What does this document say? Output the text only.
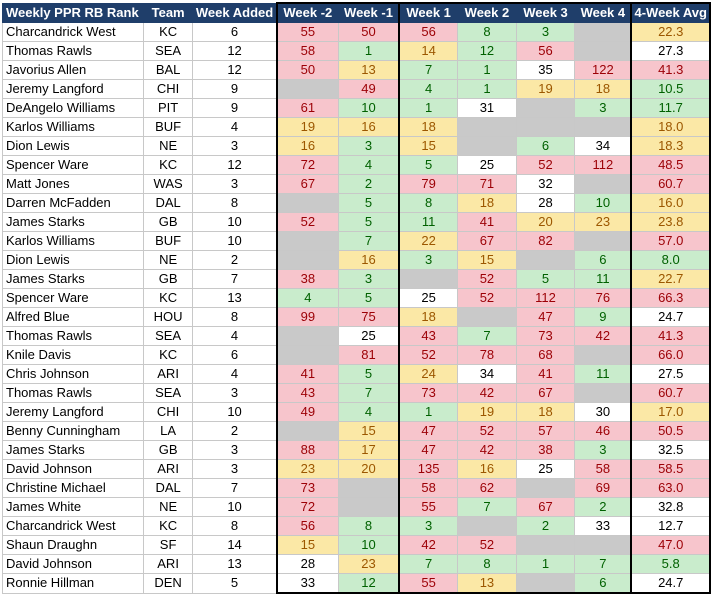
Weekly PPR RB Rank	Team	Week Added	Week -2	Week -1	Week 1	Week 2	Week 3	Week 4	4-Week Avg
Charcandrick West	KC	6	55	50	56	8	3		22.3
Thomas Rawls	SEA	12	58	1	14	12	56		27.3
Javorius Allen	BAL	12	50	13	7	1	35	122	41.3
Jeremy Langford	CHI	9		49	4	1	19	18	10.5
DeAngelo Williams	PIT	9	61	10	1	31		3	11.7
Karlos Williams	BUF	4	19	16	18				18.0
Dion Lewis	NE	3	16	3	15		6	34	18.3
Spencer Ware	KC	12	72	4	5	25	52	112	48.5
Matt Jones	WAS	3	67	2	79	71	32		60.7
Darren McFadden	DAL	8		5	8	18	28	10	16.0
James Starks	GB	10	52	5	11	41	20	23	23.8
Karlos Williams	BUF	10		7	22	67	82		57.0
Dion Lewis	NE	2		16	3	15		6	8.0
James Starks	GB	7	38	3		52	5	11	22.7
Spencer Ware	KC	13	4	5	25	52	112	76	66.3
Alfred Blue	HOU	8	99	75	18		47	9	24.7
Thomas Rawls	SEA	4		25	43	7	73	42	41.3
Knile Davis	KC	6		81	52	78	68		66.0
Chris Johnson	ARI	4	41	5	24	34	41	11	27.5
Thomas Rawls	SEA	3	43	7	73	42	67		60.7
Jeremy Langford	CHI	10	49	4	1	19	18	30	17.0
Benny Cunningham	LA	2		15	47	52	57	46	50.5
James Starks	GB	3	88	17	47	42	38	3	32.5
David Johnson	ARI	3	23	20	135	16	25	58	58.5
Christine Michael	DAL	7	73		58	62		69	63.0
James White	NE	10	72		55	7	67	2	32.8
Charcandrick West	KC	8	56	8	3		2	33	12.7
Shaun Draughn	SF	14	15	10	42	52			47.0
David Johnson	ARI	13	28	23	7	8	1	7	5.8
Ronnie Hillman	DEN	5	33	12	55	13		6	24.7
